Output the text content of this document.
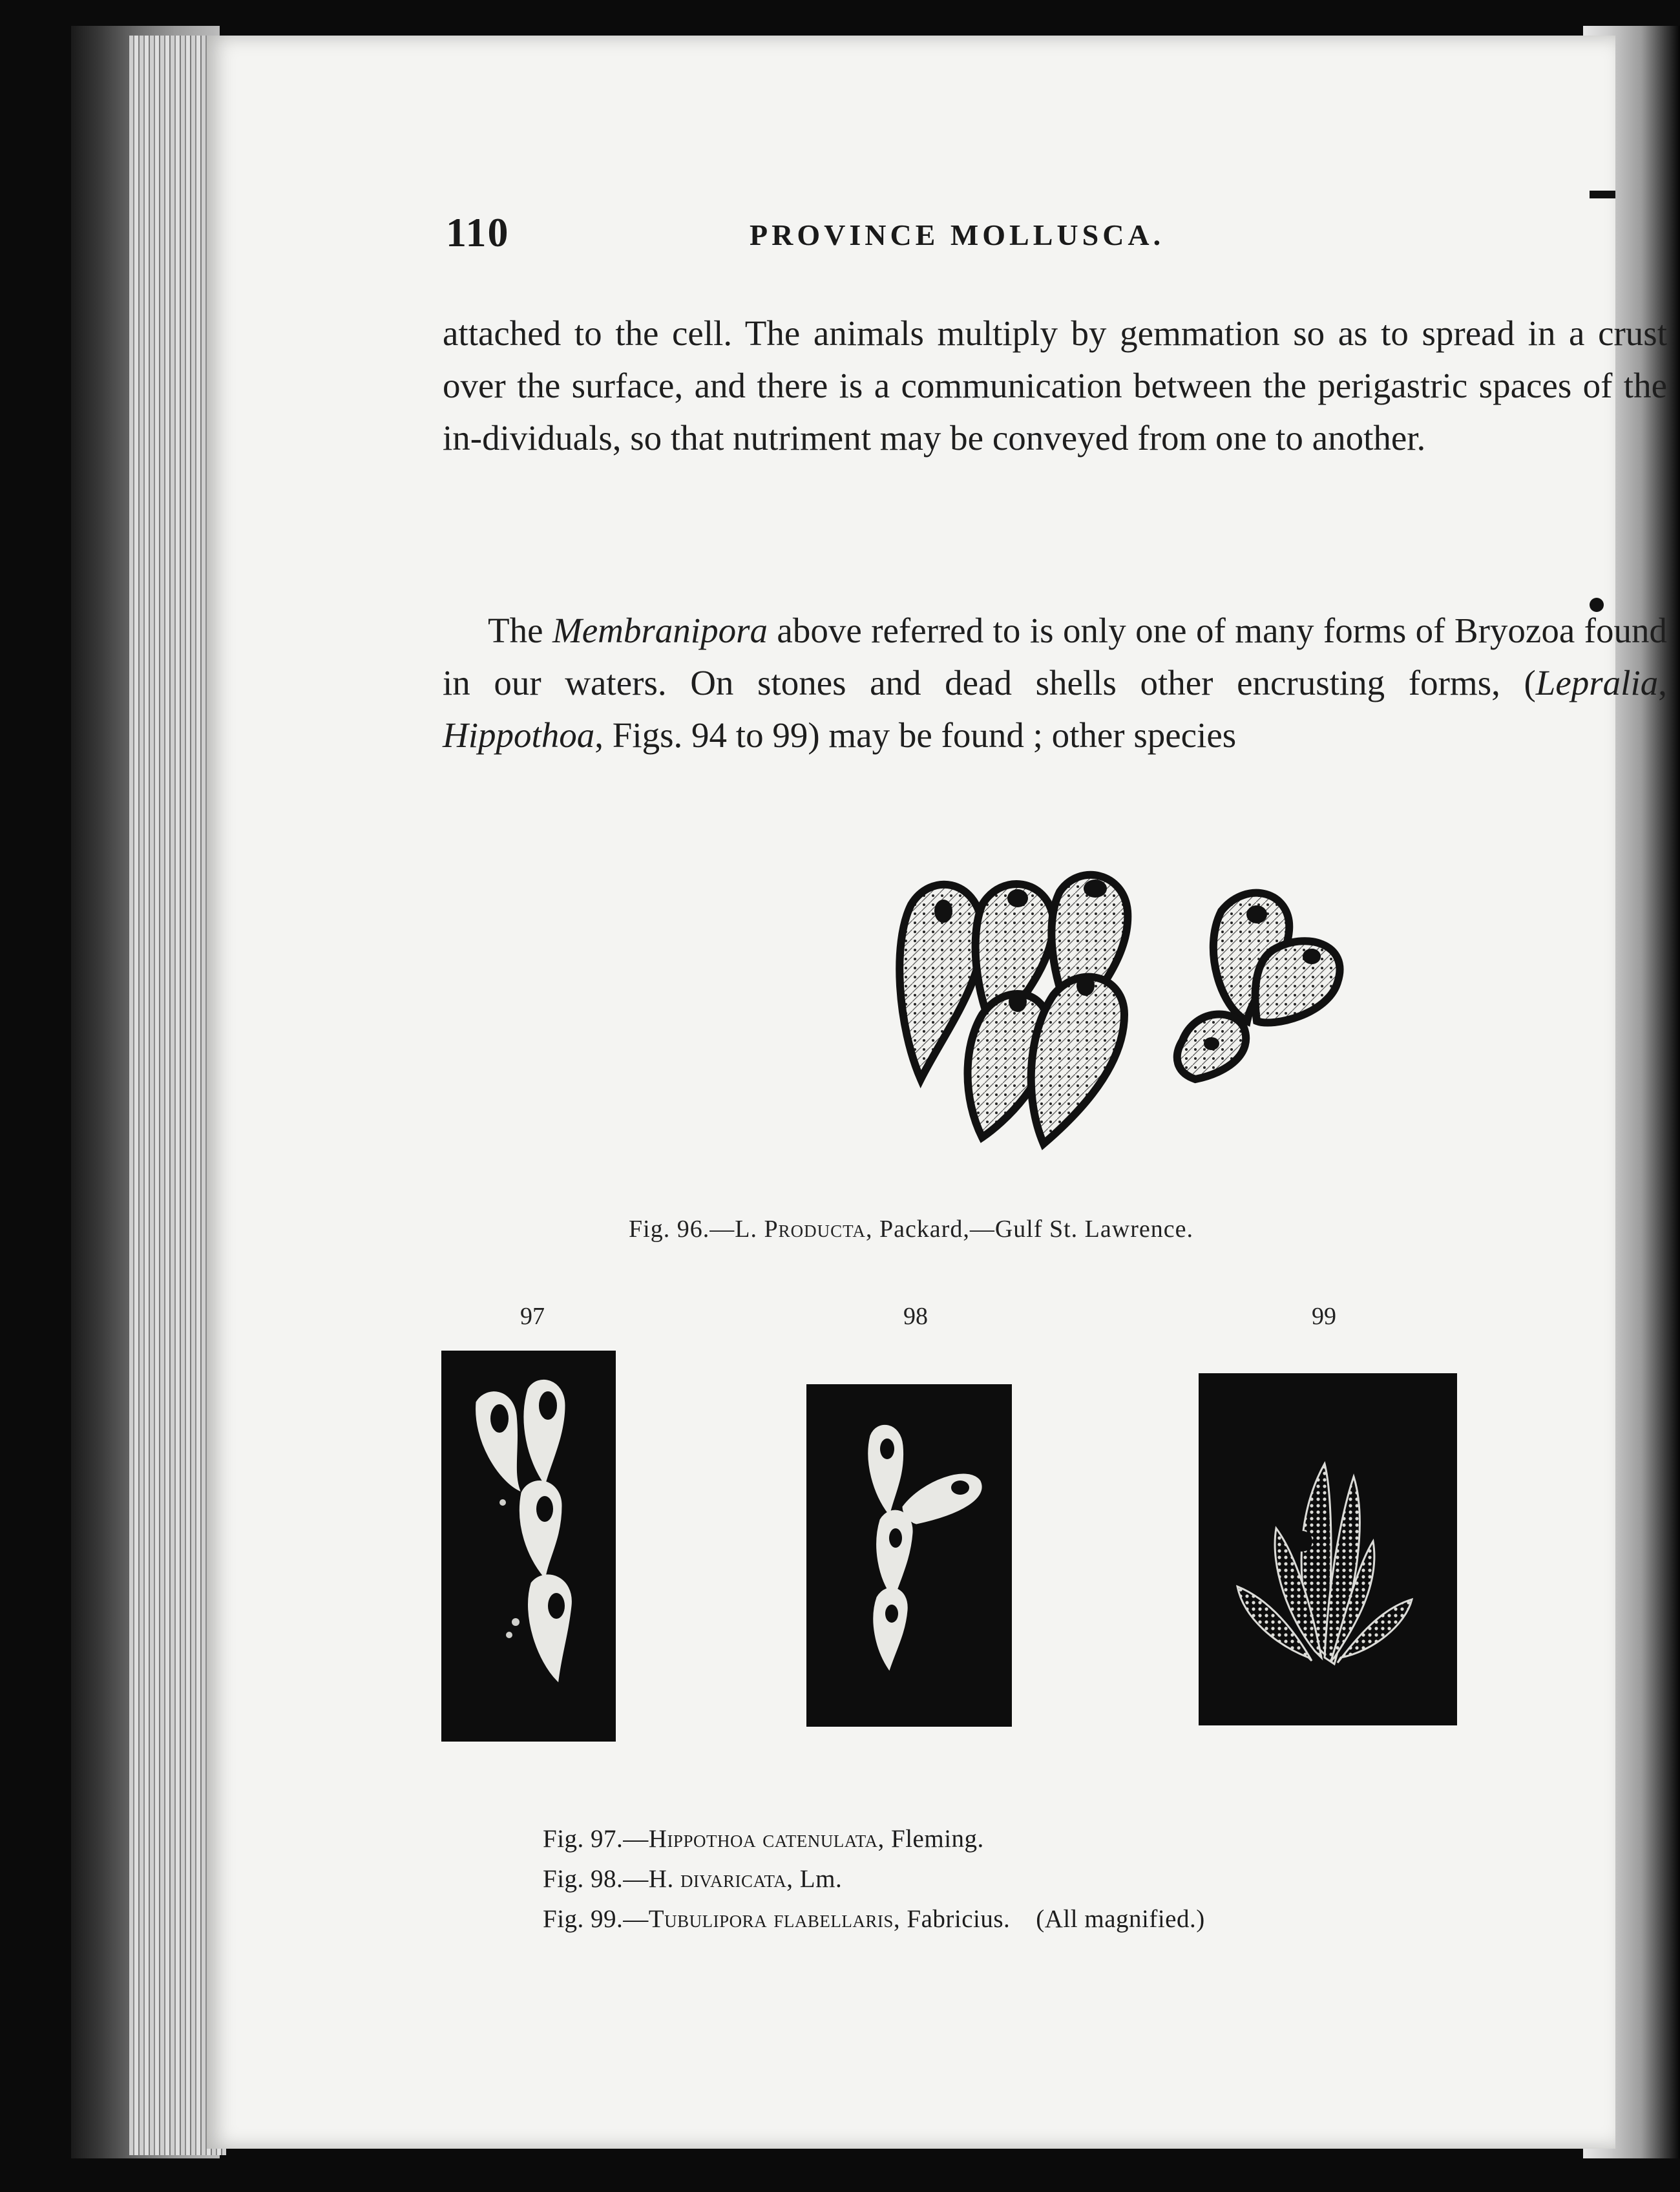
110	PROVINCE MOLLUSCA.

attached to the cell. The animals multiply by gemmation so as to spread in a crust over the surface, and there is a communication between the perigastric spaces of the in-dividuals, so that nutriment may be conveyed from one to another.

The Membranipora above referred to is only one of many forms of Bryozoa found in our waters. On stones and dead shells other encrusting forms, (Lepralia, Hippothoa, Figs. 94 to 99) may be found ; other species

Fig. 96.—L. Producta, Packard,—Gulf St. Lawrence.
97	98	99
Fig. 97.—Hippothoa catenulata, Fleming.
Fig. 98.—H. divaricata, Lm.
Fig. 99.—Tubulipora flabellaris, Fabricius. (All magnified.)
